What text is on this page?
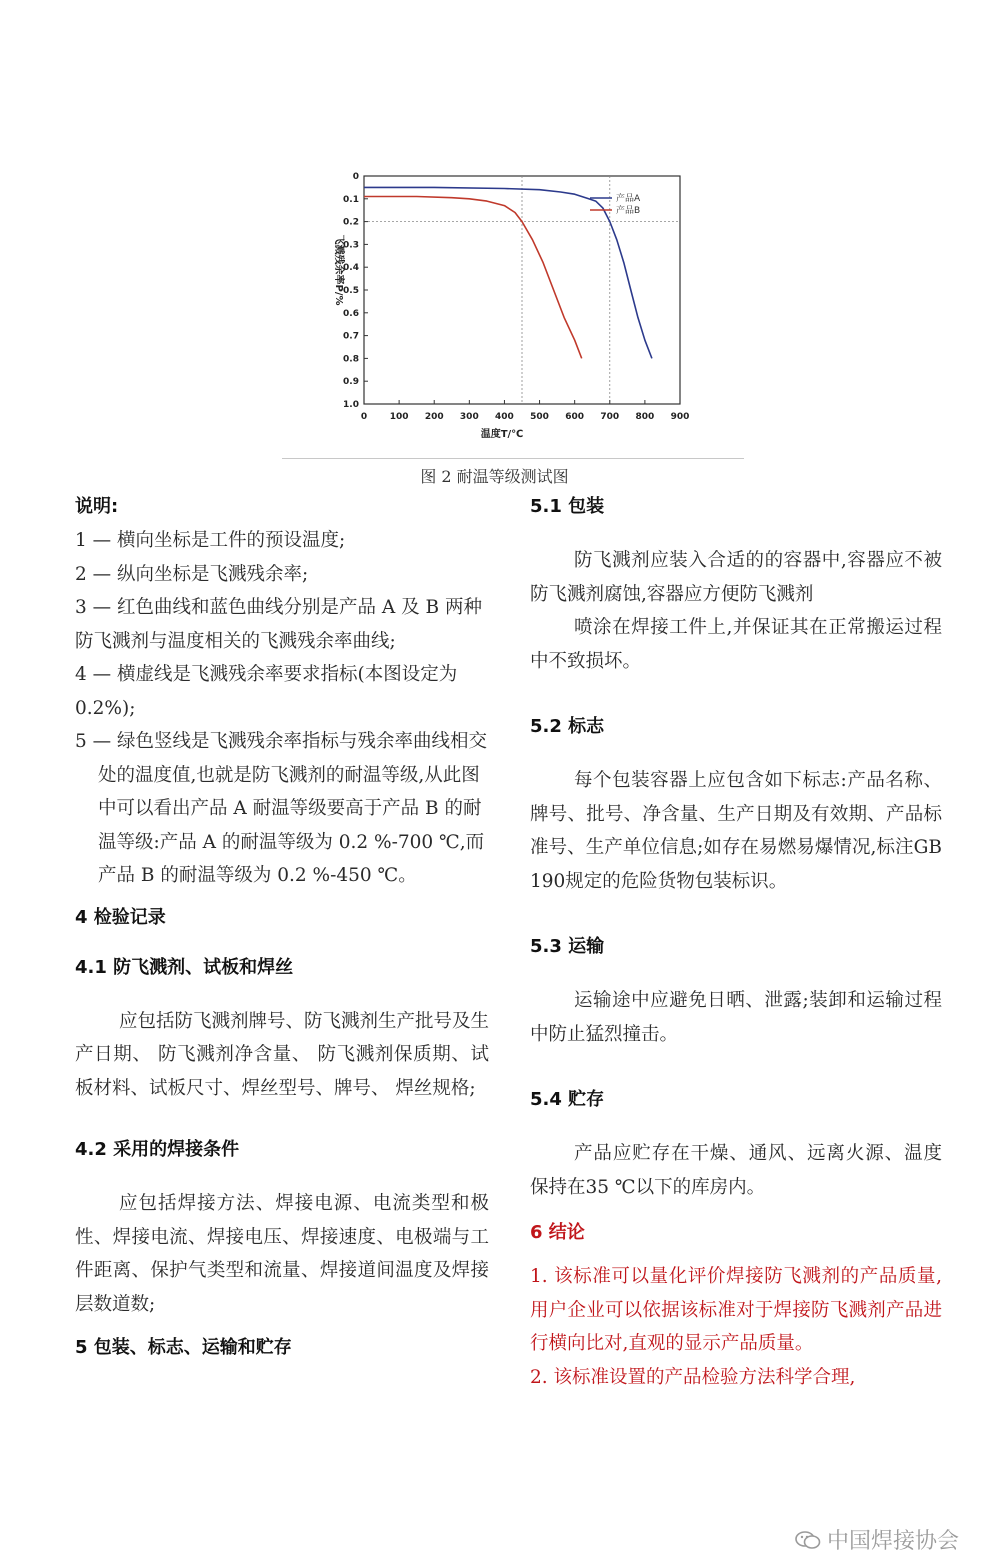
0	100 200 300 400 500 600 700 800 900
0
0.1
0.2
0.3
0.4
0.5
0.6
0.7
0.8
0.9
1.0
温度T/℃
飞溅残余率P/%
产品A
产品B
图 2 耐温等级测试图

说明:

1 — 横向坐标是工件的预设温度;

2 — 纵向坐标是飞溅残余率;

3 — 红色曲线和蓝色曲线分别是产品 A 及 B 两种防飞溅剂与温度相关的飞溅残余率曲线;

4 — 横虚线是飞溅残余率要求指标(本图设定为 0.2%);

5 — 绿色竖线是飞溅残余率指标与残余率曲线相交处的温度值,也就是防飞溅剂的耐温等级,从此图中可以看出产品 A 耐温等级要高于产品 B 的耐温等级:产品 A 的耐温等级为 0.2 %-700 ℃,而产品 B 的耐温等级为 0.2 %-450 ℃。

4 检验记录

4.1 防飞溅剂、试板和焊丝

应包括防飞溅剂牌号、防飞溅剂生产批号及生产日期、 防飞溅剂净含量、 防飞溅剂保质期、试板材料、试板尺寸、焊丝型号、牌号、 焊丝规格;

4.2 采用的焊接条件

应包括焊接方法、焊接电源、电流类型和极性、焊接电流、焊接电压、焊接速度、电极端与工件距离、保护气类型和流量、焊接道间温度及焊接层数道数;

5 包装、标志、运输和贮存

5.1 包装

防飞溅剂应装入合适的的容器中,容器应不被防飞溅剂腐蚀,容器应方便防飞溅剂

喷涂在焊接工件上,并保证其在正常搬运过程中不致损坏。

5.2 标志

每个包装容器上应包含如下标志:产品名称、牌号、批号、净含量、生产日期及有效期、产品标准号、生产单位信息;如存在易燃易爆情况,标注GB 190规定的危险货物包装标识。

5.3 运输

运输途中应避免日晒、泄露;装卸和运输过程中防止猛烈撞击。

5.4 贮存

产品应贮存在干燥、通风、远离火源、温度保持在35 ℃以下的库房内。

6 结论

1. 该标准可以量化评价焊接防飞溅剂的产品质量,用户企业可以依据该标准对于焊接防飞溅剂产品进行横向比对,直观的显示产品质量。

2. 该标准设置的产品检验方法科学合理,

中国焊接协会
